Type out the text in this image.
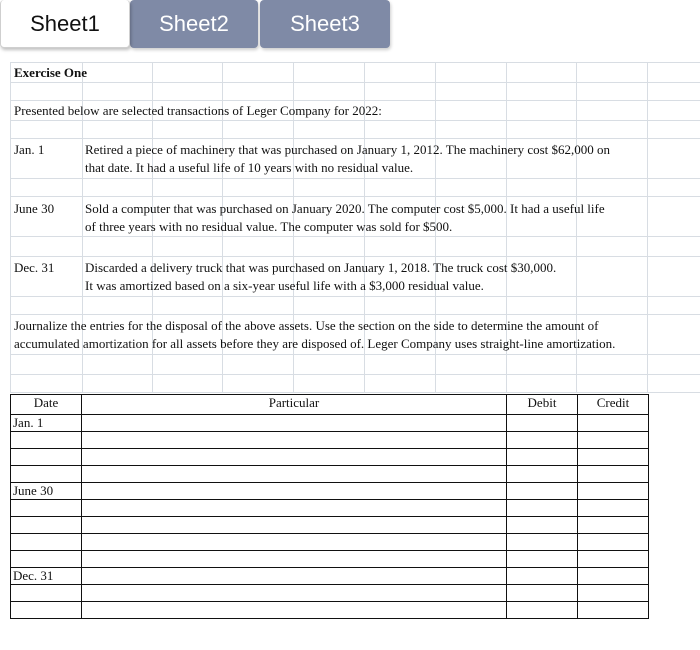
Sheet1	Sheet2	Sheet3
Exercise One
Presented below are selected transactions of Leger Company for 2022:
Jan. 1	Retired a piece of machinery that was purchased on January 1, 2012. The machinery cost $62,000 on
that date. It had a useful life of 10 years with no residual value.
June 30 Sold a computer that was purchased on January 2020. The computer cost $5,000. It had a useful life
of three years with no residual value. The computer was sold for $500.
Dec. 31 Discarded a delivery truck that was purchased on January 1, 2018. The truck cost $30,000.
It was amortized based on a six-year useful life with a $3,000 residual value.
Journalize the entries for the disposal of the above assets. Use the section on the side to determine the amount of
accumulated amortization for all assets before they are disposed of. Leger Company uses straight-line amortization.
Date	Particular	Debit	Credit
Jan. 1			

June 30			

Dec. 31			
